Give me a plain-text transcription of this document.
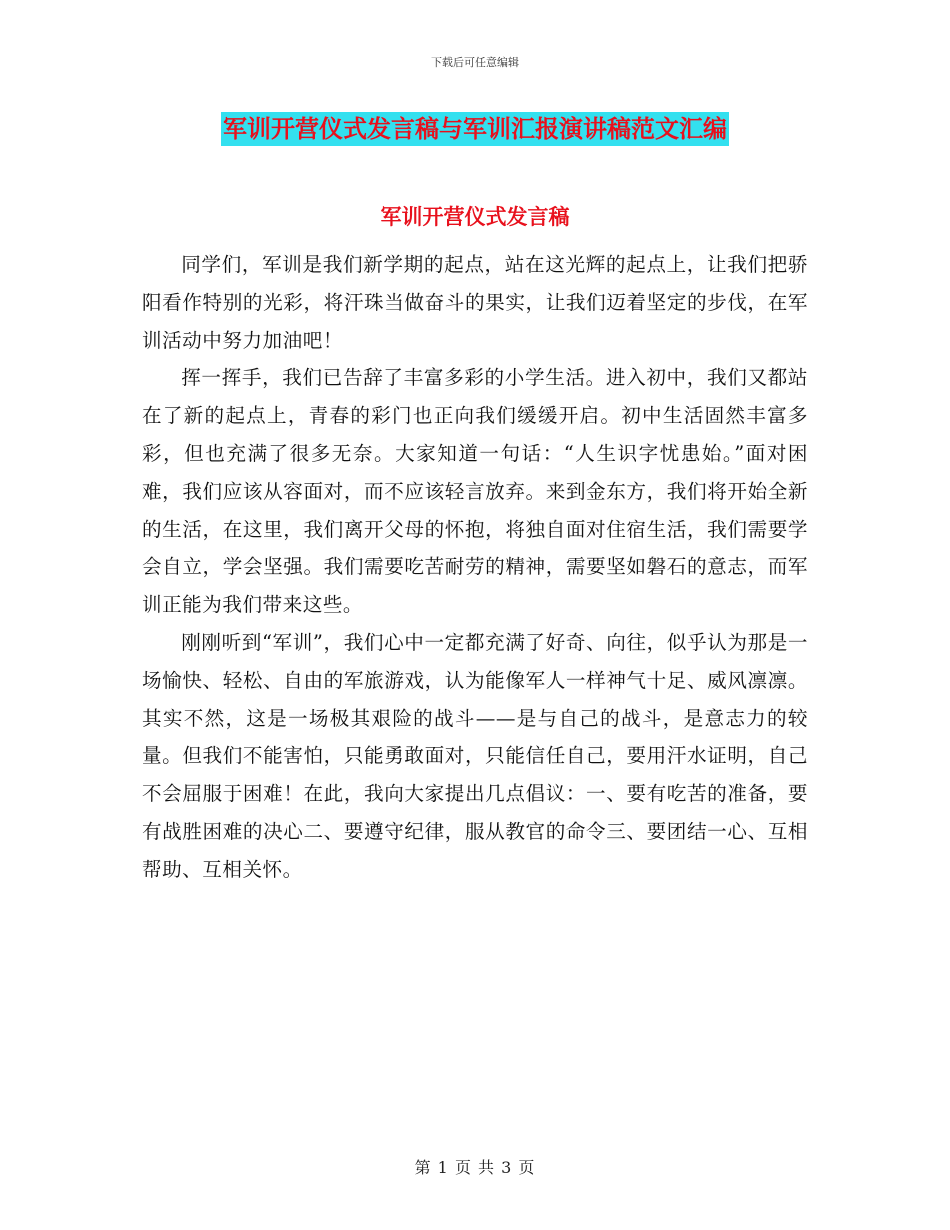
下载后可任意编辑
军训开营仪式发言稿与军训汇报演讲稿范文汇编
军训开营仪式发言稿

同学们，军训是我们新学期的起点，站在这光辉的起点上，让我们把骄阳看作特别的光彩，将汗珠当做奋斗的果实，让我们迈着坚定的步伐，在军训活动中努力加油吧！

挥一挥手，我们已告辞了丰富多彩的小学生活。进入初中，我们又都站在了新的起点上，青春的彩门也正向我们缓缓开启。初中生活固然丰富多彩，但也充满了很多无奈。大家知道一句话：“人生识字忧患始。”面对困难，我们应该从容面对，而不应该轻言放弃。来到金东方，我们将开始全新的生活，在这里，我们离开父母的怀抱，将独自面对住宿生活，我们需要学会自立，学会坚强。我们需要吃苦耐劳的精神，需要坚如磐石的意志，而军训正能为我们带来这些。

刚刚听到“军训”，我们心中一定都充满了好奇、向往，似乎认为那是一场愉快、轻松、自由的军旅游戏，认为能像军人一样神气十足、威风凛凛。其实不然，这是一场极其艰险的战斗——是与自己的战斗，是意志力的较量。但我们不能害怕，只能勇敢面对，只能信任自己，要用汗水证明，自己不会屈服于困难！在此，我向大家提出几点倡议：一、要有吃苦的准备，要有战胜困难的决心二、要遵守纪律，服从教官的命令三、要团结一心、互相帮助、互相关怀。

第 1 页 共 3 页
